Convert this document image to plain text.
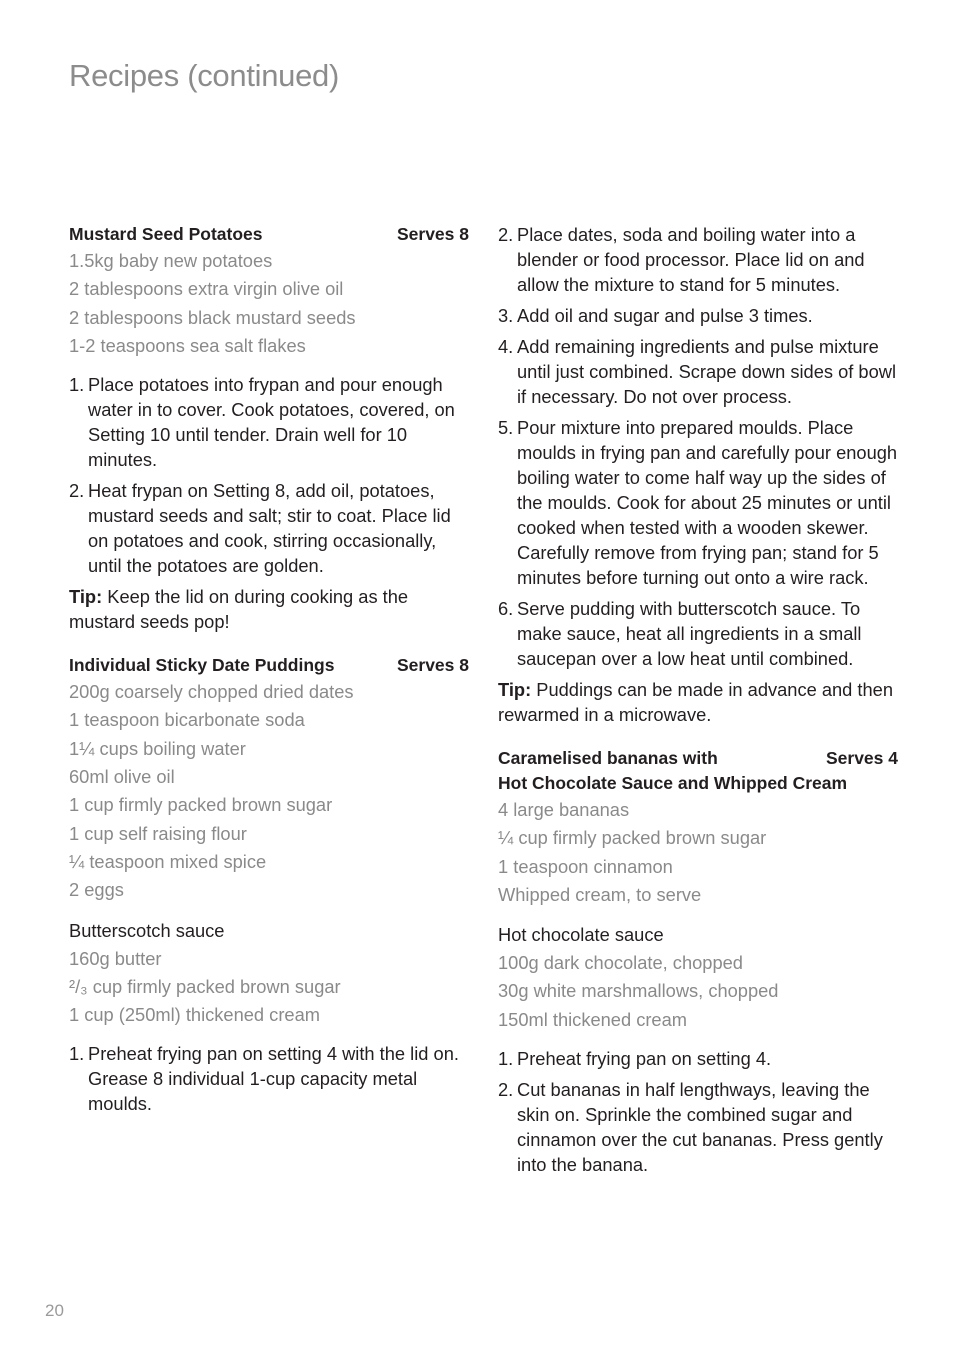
Recipes (continued)
Mustard Seed Potatoes	Serves 8
1.5kg baby new potatoes
2 tablespoons extra virgin olive oil
2 tablespoons black mustard seeds
1-2 teaspoons sea salt flakes
1. Place potatoes into frypan and pour enough water in to cover. Cook potatoes, covered, on Setting 10 until tender. Drain well for 10 minutes.
2. Heat frypan on Setting 8, add oil, potatoes, mustard seeds and salt; stir to coat. Place lid on potatoes and cook, stirring occasionally, until the potatoes are golden.

Tip: Keep the lid on during cooking as the mustard seeds pop!

Individual Sticky Date Puddings	Serves 8
200g coarsely chopped dried dates
1 teaspoon bicarbonate soda
1¼ cups boiling water
60ml olive oil
1 cup firmly packed brown sugar
1 cup self raising flour
¼ teaspoon mixed spice
2 eggs
Butterscotch sauce
160g butter
²/₃ cup firmly packed brown sugar
1 cup (250ml) thickened cream
1. Preheat frying pan on setting 4 with the lid on. Grease 8 individual 1-cup capacity metal moulds.
2. Place dates, soda and boiling water into a blender or food processor. Place lid on and allow the mixture to stand for 5 minutes.
3. Add oil and sugar and pulse 3 times.
4. Add remaining ingredients and pulse mixture until just combined. Scrape down sides of bowl if necessary. Do not over process.
5. Pour mixture into prepared moulds. Place moulds in frying pan and carefully pour enough boiling water to come half way up the sides of the moulds. Cook for about 25 minutes or until cooked when tested with a wooden skewer. Carefully remove from frying pan; stand for 5 minutes before turning out onto a wire rack.
6. Serve pudding with butterscotch sauce. To make sauce, heat all ingredients in a small saucepan over a low heat until combined.

Tip: Puddings can be made in advance and then rewarmed in a microwave.

Caramelised bananas with	Serves 4
Hot Chocolate Sauce and Whipped Cream
4 large bananas
¼ cup firmly packed brown sugar
1 teaspoon cinnamon
Whipped cream, to serve
Hot chocolate sauce
100g dark chocolate, chopped
30g white marshmallows, chopped
150ml thickened cream
1. Preheat frying pan on setting 4.
2. Cut bananas in half lengthways, leaving the skin on. Sprinkle the combined sugar and cinnamon over the cut bananas. Press gently into the banana.
20
